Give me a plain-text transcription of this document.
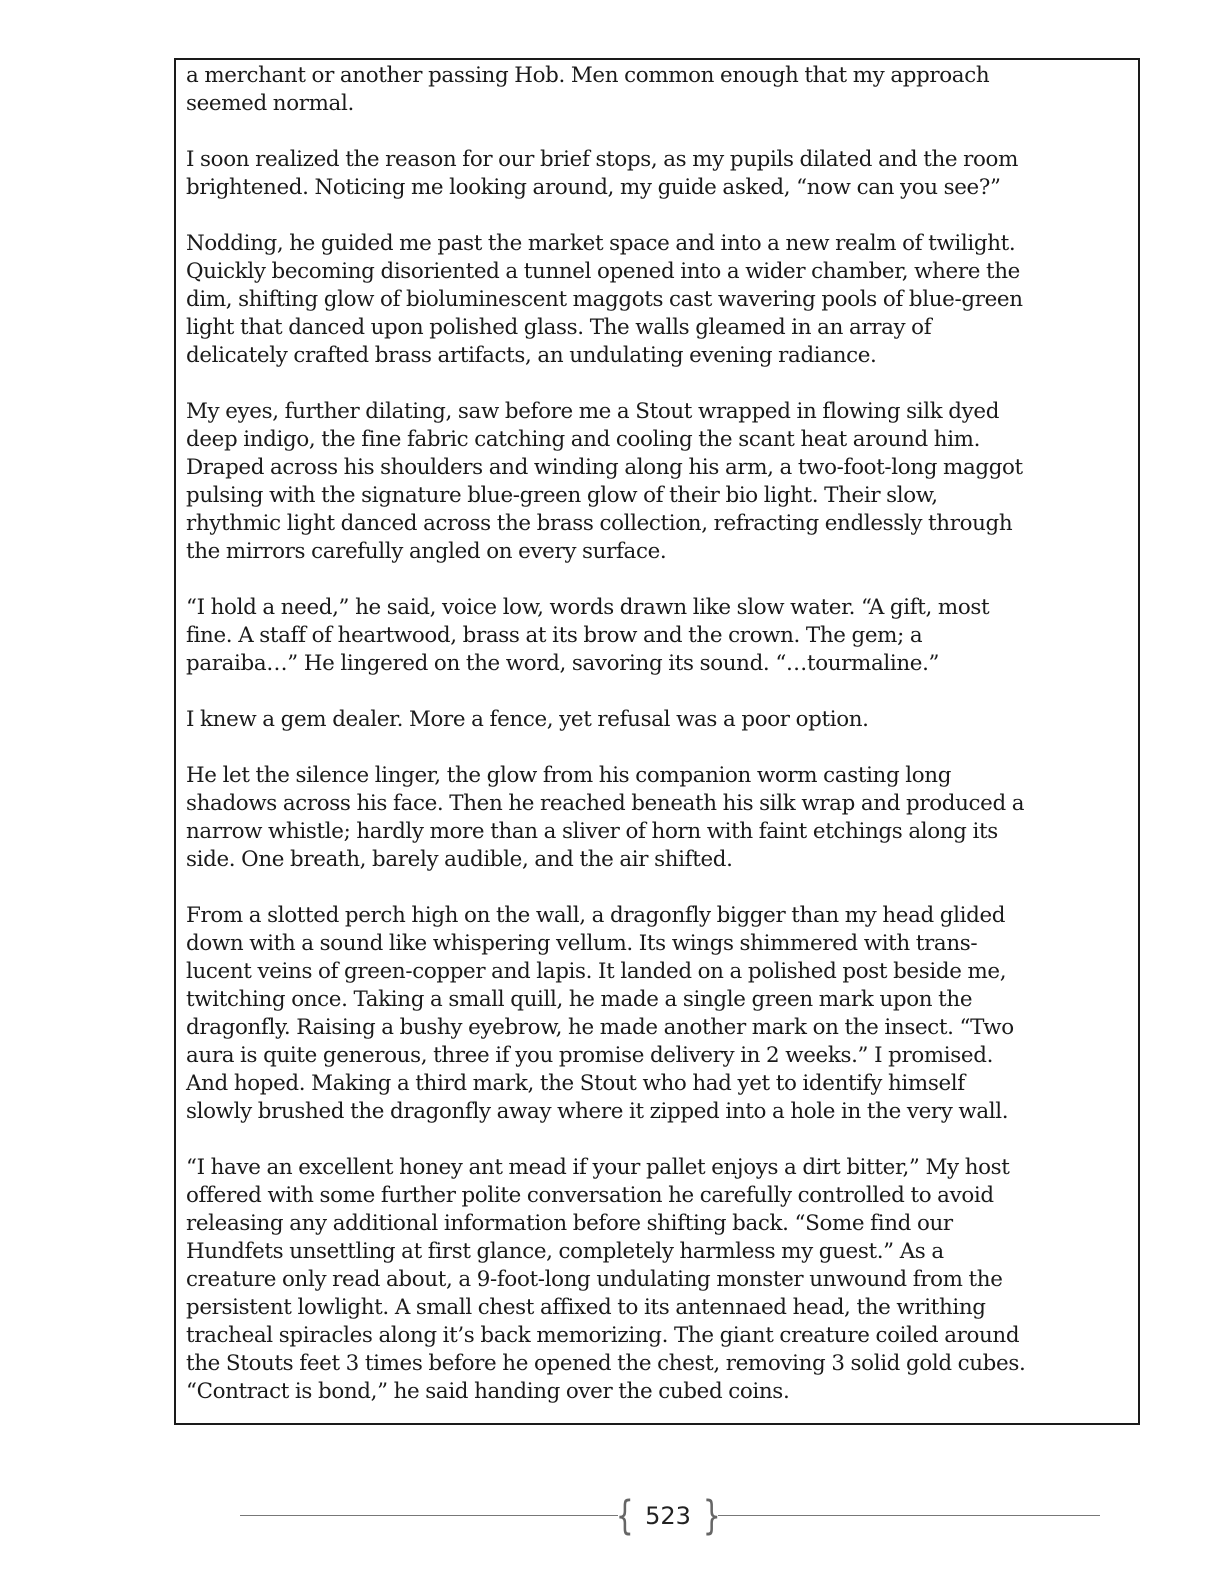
a merchant or another passing Hob. Men common enough that my approach
seemed normal.

I soon realized the reason for our brief stops, as my pupils dilated and the room
brightened. Noticing me looking around, my guide asked, “now can you see?”

Nodding, he guided me past the market space and into a new realm of twilight.
Quickly becoming disoriented a tunnel opened into a wider chamber, where the
dim, shifting glow of bioluminescent maggots cast wavering pools of blue-green
light that danced upon polished glass. The walls gleamed in an array of
delicately crafted brass artifacts, an undulating evening radiance.

My eyes, further dilating, saw before me a Stout wrapped in flowing silk dyed
deep indigo, the fine fabric catching and cooling the scant heat around him.
Draped across his shoulders and winding along his arm, a two-foot-long maggot
pulsing with the signature blue-green glow of their bio light. Their slow,
rhythmic light danced across the brass collection, refracting endlessly through
the mirrors carefully angled on every surface.

“I hold a need,” he said, voice low, words drawn like slow water. “A gift, most
fine. A staff of heartwood, brass at its brow and the crown. The gem; a
paraiba…” He lingered on the word, savoring its sound. “…tourmaline.”

I knew a gem dealer. More a fence, yet refusal was a poor option.

He let the silence linger, the glow from his companion worm casting long
shadows across his face. Then he reached beneath his silk wrap and produced a
narrow whistle; hardly more than a sliver of horn with faint etchings along its
side. One breath, barely audible, and the air shifted.

From a slotted perch high on the wall, a dragonfly bigger than my head glided
down with a sound like whispering vellum. Its wings shimmered with trans-
lucent veins of green-copper and lapis. It landed on a polished post beside me,
twitching once. Taking a small quill, he made a single green mark upon the
dragonfly. Raising a bushy eyebrow, he made another mark on the insect. “Two
aura is quite generous, three if you promise delivery in 2 weeks.” I promised.
And hoped. Making a third mark, the Stout who had yet to identify himself
slowly brushed the dragonfly away where it zipped into a hole in the very wall.

“I have an excellent honey ant mead if your pallet enjoys a dirt bitter,” My host
offered with some further polite conversation he carefully controlled to avoid
releasing any additional information before shifting back. “Some find our
Hundfets unsettling at first glance, completely harmless my guest.” As a
creature only read about, a 9-foot-long undulating monster unwound from the
persistent lowlight. A small chest affixed to its antennaed head, the writhing
tracheal spiracles along it’s back memorizing. The giant creature coiled around
the Stouts feet 3 times before he opened the chest, removing 3 solid gold cubes.
“Contract is bond,” he said handing over the cubed coins.

{ 523 }
